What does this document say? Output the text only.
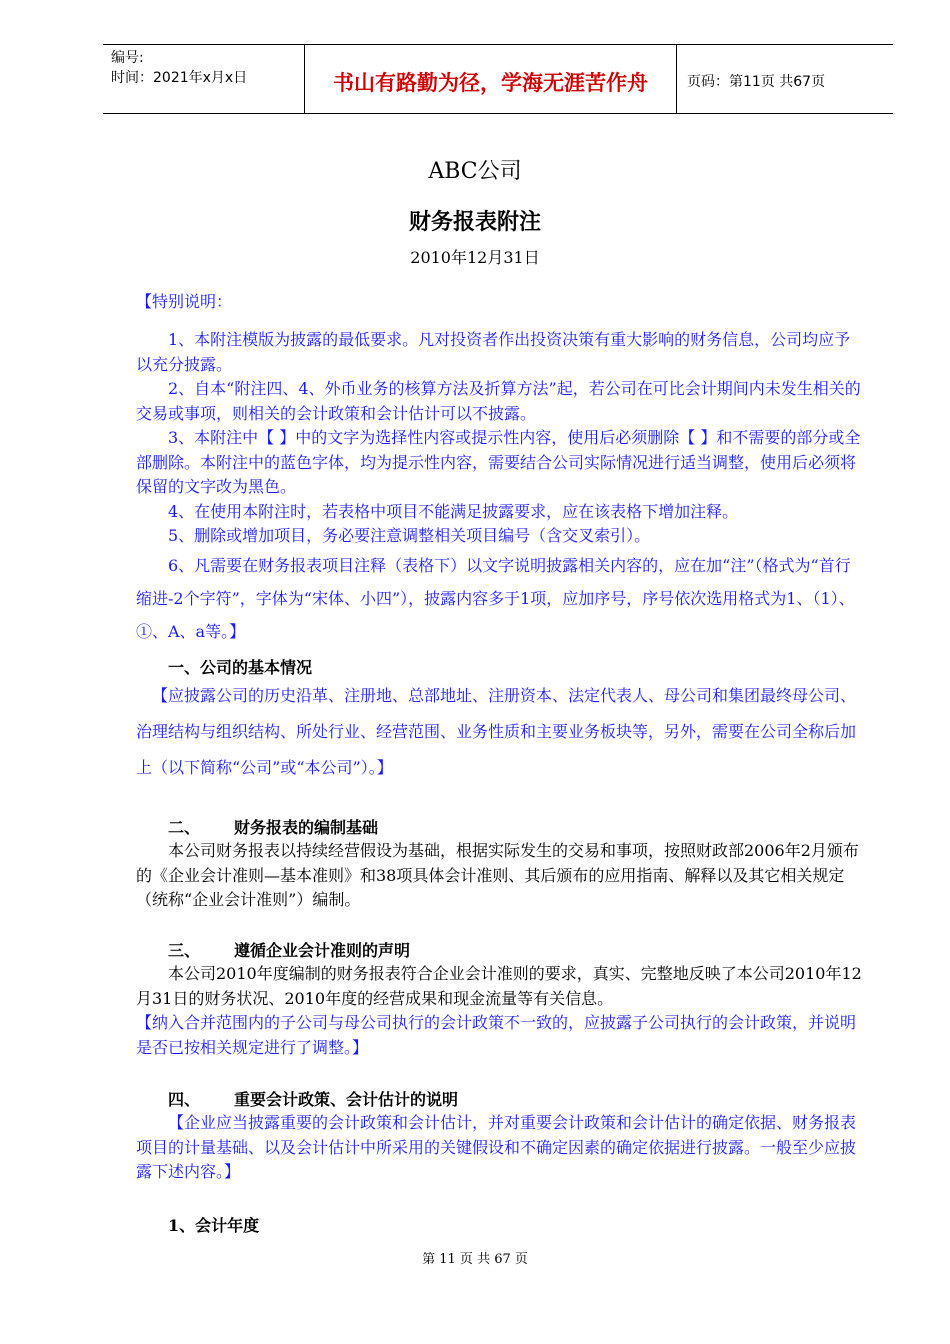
编号:
时间：2021年x月x日	书山有路勤为径，学海无涯苦作舟	页码：第11页 共67页
ABC公司
财务报表附注
2010年12月31日
【特别说明：

1、本附注模版为披露的最低要求。凡对投资者作出投资决策有重大影响的财务信息，公司均应予以充分披露。

2、自本“附注四、4、外币业务的核算方法及折算方法”起，若公司在可比会计期间内未发生相关的交易或事项，则相关的会计政策和会计估计可以不披露。

3、本附注中【 】中的文字为选择性内容或提示性内容，使用后必须删除【 】和不需要的部分或全部删除。本附注中的蓝色字体，均为提示性内容，需要结合公司实际情况进行适当调整，使用后必须将保留的文字改为黑色。

4、在使用本附注时，若表格中项目不能满足披露要求，应在该表格下增加注释。

5、删除或增加项目，务必要注意调整相关项目编号（含交叉索引）。

6、凡需要在财务报表项目注释（表格下）以文字说明披露相关内容的，应在加“注”（格式为“首行缩进-2个字符”，字体为“宋体、小四”），披露内容多于1项，应加序号，序号依次选用格式为1、（1）、①、A、a等。】

一、公司的基本情况

【应披露公司的历史沿革、注册地、总部地址、注册资本、法定代表人、母公司和集团最终母公司、治理结构与组织结构、所处行业、经营范围、业务性质和主要业务板块等，另外，需要在公司全称后加上（以下简称“公司”或“本公司”）。】

二、 财务报表的编制基础

本公司财务报表以持续经营假设为基础，根据实际发生的交易和事项，按照财政部2006年2月颁布的《企业会计准则—基本准则》和38项具体会计准则、其后颁布的应用指南、解释以及其它相关规定（统称“企业会计准则”）编制。

三、 遵循企业会计准则的声明

本公司2010年度编制的财务报表符合企业会计准则的要求，真实、完整地反映了本公司2010年12月31日的财务状况、2010年度的经营成果和现金流量等有关信息。

【纳入合并范围内的子公司与母公司执行的会计政策不一致的，应披露子公司执行的会计政策，并说明是否已按相关规定进行了调整。】

四、 重要会计政策、会计估计的说明

【企业应当披露重要的会计政策和会计估计，并对重要会计政策和会计估计的确定依据、财务报表项目的计量基础、以及会计估计中所采用的关键假设和不确定因素的确定依据进行披露。一般至少应披露下述内容。】

1、会计年度
第 11 页 共 67 页
